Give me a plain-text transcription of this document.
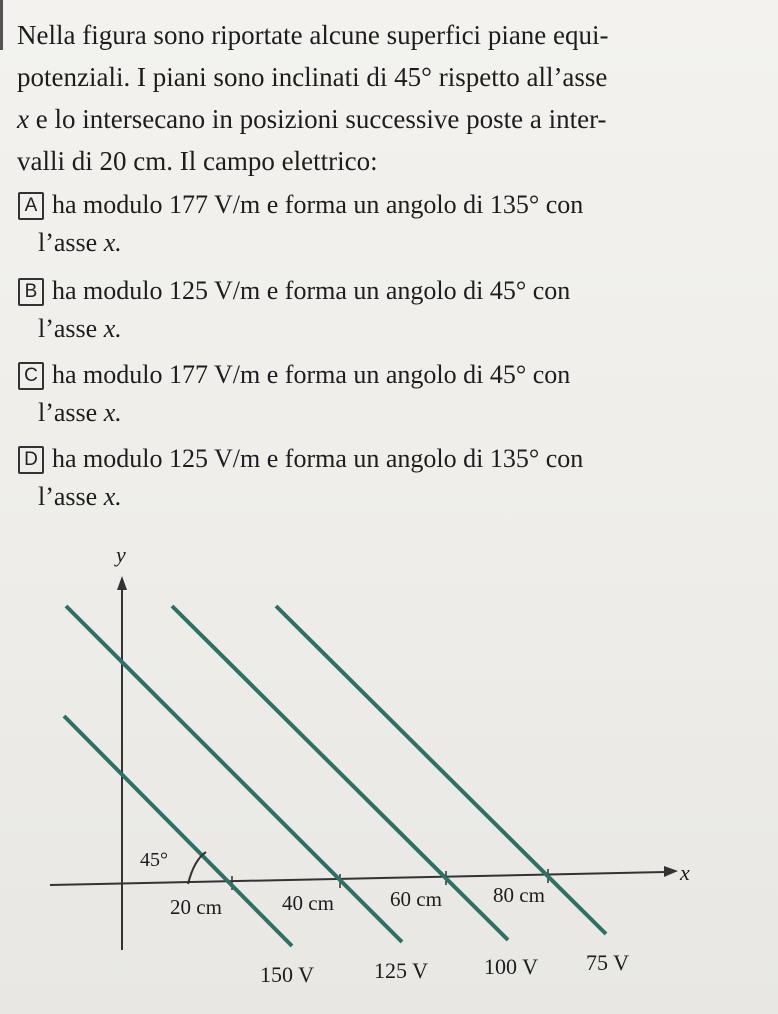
Nella figura sono riportate alcune superfici piane equi-
potenziali. I piani sono inclinati di 45° rispetto all’asse
x e lo intersecano in posizioni successive poste a inter-
valli di 20 cm. Il campo elettrico:
A ha modulo 177 V/m e forma un angolo di 135° con
l’asse x.
B ha modulo 125 V/m e forma un angolo di 45° con
l’asse x.
C ha modulo 177 V/m e forma un angolo di 45° con
l’asse x.
D ha modulo 125 V/m e forma un angolo di 135° con
l’asse x.
y
x
45°
20 cm	40 cm	60 cm 80 cm
150 V	125 V	100 V 75 V
